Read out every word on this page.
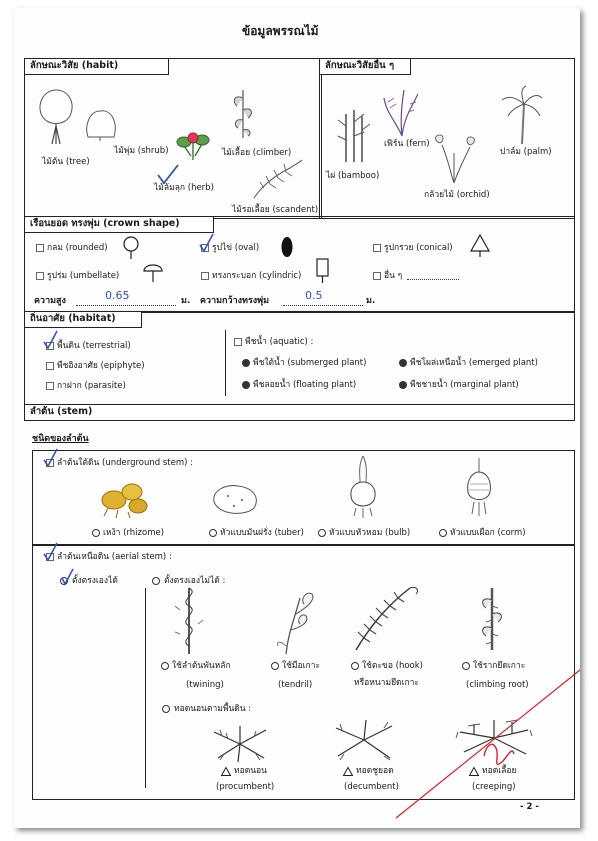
ข้อมูลพรรณไม้
ลักษณะวิสัย (habit)
ไม้ต้น (tree)
ไม้พุ่ม (shrub)
ไม้ล้มลุก (herb)
ไม้เลื้อย (climber)
ไม้รอเลื้อย (scandent)
ลักษณะวิสัยอื่น ๆ
ไผ่ (bamboo)
เฟิร์น (fern)
กล้วยไม้ (orchid)
ปาล์ม (palm)
เรือนยอด ทรงพุ่ม (crown shape)
กลม (rounded)	รูปไข่ (oval)	รูปกรวย (conical)
รูปร่ม (umbellate)	ทรงกระบอก (cylindric)	อื่น ๆ
ความสูง	0.65	ม. ความกว้างทรงพุ่ม	0.5	ม.
ถิ่นอาศัย (habitat)
พื้นดิน (terrestrial)
พืชอิงอาศัย (epiphyte)
กาฝาก (parasite)
พืชน้ำ (aquatic) :
พืชใต้น้ำ (submerged plant)	พืชโผล่เหนือน้ำ (emerged plant)
พืชลอยน้ำ (floating plant)	พืชชายน้ำ (marginal plant)
ลำต้น (stem)
ชนิดของลำต้น
ลำต้นใต้ดิน (underground stem) :
เหง้า (rhizome)	หัวแบบมันฝรั่ง (tuber)	หัวแบบหัวหอม (bulb)	หัวแบบเผือก (corm)
ลำต้นเหนือดิน (aerial stem) :
ตั้งตรงเองได้	ตั้งตรงเองไม่ได้ :
ใช้ลำต้นพันหลัก
(twining)
ใช้มือเกาะ
(tendril)
ใช้ตะขอ (hook)
หรือหนามยึดเกาะ
ใช้รากยึดเกาะ
(climbing root)
ทอดนอนตามพื้นดิน :
ทอดนอน
(procumbent)
ทอดชูยอด
(decumbent)
ทอดเลื้อย
(creeping)
- 2 -
